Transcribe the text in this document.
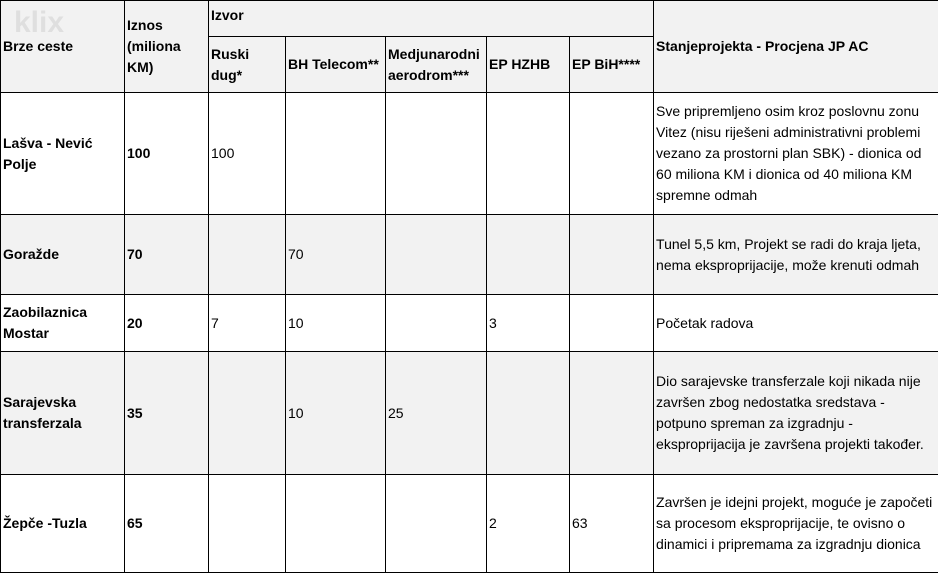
Brze ceste	Iznos (miliona KM)	Izvor					Stanjeprojekta - Procjena JP AC
		Ruski dug*	BH Telecom**	Medjunarodni aerodrom***	EP HZHB	EP BiH****	
Lašva - Nević Polje	100	100					Sve pripremljeno osim kroz poslovnu zonu Vitez (nisu riješeni administrativni problemi vezano za prostorni plan SBK) - dionica od 60 miliona KM i dionica od 40 miliona KM spremne odmah
Goražde	70		70				Tunel 5,5 km, Projekt se radi do kraja ljeta, nema eksproprijacije, može krenuti odmah
Zaobilaznica Mostar	20	7	10		3		Početak radova
Sarajevska transferzala	35		10	25			Dio sarajevske transferzale koji nikada nije završen zbog nedostatka sredstava - potpuno spreman za izgradnju - eksproprijacija je završena projekti također.
Žepče -Tuzla	65				2	63	Završen je idejni projekt, moguće je započeti sa procesom eksproprijacije, te ovisno o dinamici i pripremama za izgradnju dionica
